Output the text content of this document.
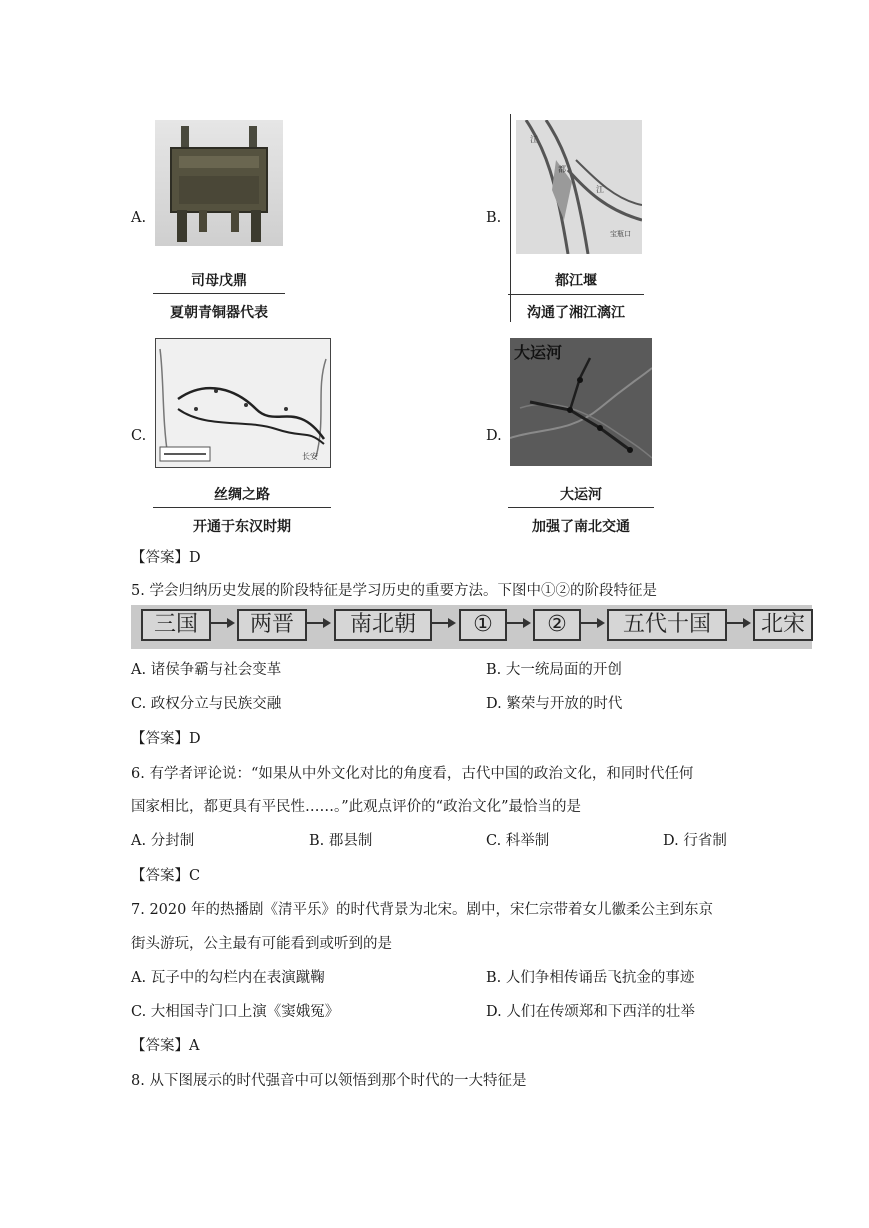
A.
司母戊鼎
夏朝青铜器代表
B.
江
都
江
宝瓶口
都江堰
沟通了湘江漓江
C.
长安
丝绸之路
开通于东汉时期
D.
大运河
大运河
加强了南北交通
【答案】D
5. 学会归纳历史发展的阶段特征是学习历史的重要方法。下图中①②的阶段特征是
三国	两晋	南北朝	①	②	五代十国	北宋
A. 诸侯争霸与社会变革	B. 大一统局面的开创
C. 政权分立与民族交融	D. 繁荣与开放的时代
【答案】D
6. 有学者评论说：“如果从中外文化对比的角度看，古代中国的政治文化，和同时代任何
国家相比，都更具有平民性……。”此观点评价的“政治文化”最恰当的是
A. 分封制	B. 郡县制	C. 科举制	D. 行省制
【答案】C
7. 2020 年的热播剧《清平乐》的时代背景为北宋。剧中，宋仁宗带着女儿徽柔公主到东京
街头游玩，公主最有可能看到或听到的是
A. 瓦子中的勾栏内在表演蹴鞠	B. 人们争相传诵岳飞抗金的事迹
C. 大相国寺门口上演《窦娥冤》	D. 人们在传颂郑和下西洋的壮举
【答案】A
8. 从下图展示的时代强音中可以领悟到那个时代的一大特征是
